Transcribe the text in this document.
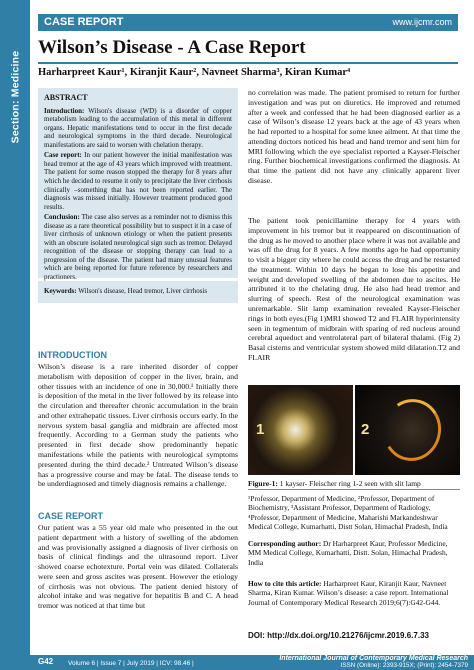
Section: Medicine
CASE REPORT	www.ijcmr.com
Wilson’s Disease - A Case Report
Harharpreet Kaur¹, Kiranjit Kaur², Navneet Sharma³, Kiran Kumar⁴
ABSTRACT

Introduction: Wilson's disease (WD) is a disorder of copper metabolism leading to the accumulation of this metal in different organs. Hepatic manifestations tend to occur in the first decade and neurological symptoms in the third decade. Neurological manifestations are said to worsen with chelation therapy.

Case report: In our patient however the initial manifestation was head tremor at the age of 43 years which improved with treatment. The patient for some reason stopped the therapy for 8 years after which he decided to resume it only to precipitate the liver cirrhosis clinically –something that has not been reported earlier. The diagnosis was missed initially. However treatment produced good results.

Conclusion: The case also serves as a reminder not to dismiss this disease as a rare theoretical possibility but to suspect it in a case of liver cirrhosis of unknown etiology or when the patient presents with an obscure isolated neurological sign such as tremor. Delayed recognition of the disease or stopping therapy can lead to a progression of the disease. The patient had many unusual features which are being reported for future reference by researchers and practioners.

Keywords: Wilson's disease, Head tremor, Liver cirrhosis
INTRODUCTION

Wilson’s disease is a rare inherited disorder of copper metabolism with deposition of copper in the liver, brain, and other tissues with an incidence of one in 30,000.¹ Initially there is deposition of the metal in the liver followed by its release into the circulation and thereafter chronic accumulation in the brain and other extrahepatic tissues. Liver cirrhosis occurs early. In the nervous system basal ganglia and midbrain are affected most frequently. According to a German study the patients who presented in first decade show predominantly hepatic manifestations while the patients with neurological symptoms presented during the third decade.² Untreated Wilson’s disease has a progressive course and may be fatal. The disease tends to be underdiagnosed and timely diagnosis remains a challenge.

CASE REPORT

Our patient was a 55 year old male who presented in the out patient department with a history of swelling of the abdomen and was provisionally assigned a diagnosis of liver cirrhosis on basis of clinical findings and the ultrasound report. Liver showed coarse echotexture. Portal vein was dilated. Collaterals were seen and gross ascites was present. However the etiology of cirrhosis was not obvious. The patient denied history of alcohol intake and was negative for hepatitis B and C. A head tremor was noticed at that time but

no correlation was made. The patient promised to return for further investigation and was put on diuretics. He improved and returned after a week and confessed that he had been diagnosed earlier as a case of Wilson’s disease 12 years back at the age of 43 years when he had reported to a hospital for some knee ailment. At that time the attending doctors noticed his head and hand tremor and sent him for MRI following which the eye specialist reported a Kayser-Fleischer ring. Further biochemical investigations confirmed the diagnosis. At that time the patient did not have any clinically apparent liver disease.

The patient took penicillamine therapy for 4 years with improvement in his tremor but it reappeared on discontinuation of the drug as he moved to another place where it was not available and was off the drug for 8 years. A few months ago he had opportunity to visit a bigger city where he could access the drug and he restarted the treatment. Within 10 days he began to lose his appetite and weight and developed swelling of the abdomen due to ascites. He attributed it to the chelating drug. He also had head tremor and slurring of speech. Rest of the neurological examination was unremarkable. Slit lamp examination revealed Kayser-Fleischer rings in both eyes.(Fig 1)MRI showed T2 and FLAIR hyperintensity seen in tegmentum of midbrain with sparing of red nucleus around cerebral aqueduct and ventrolateral part of bilateral thalami. (Fig 2) Basal cisterns and ventricular system showed mild dilatation.T2 and FLAIR

1	2
Figure-1: 1 kayser- Fleischer ring 1-2 seen with slit lamp

¹Professor, Department of Medicine, ²Professor, Department of Biochemistry, ³Assistant Professor, Department of Radiology, ⁴Professor, Department of Medicine, Maharishi Markandeshwar Medical College, Kumarhatti, Distt Solan, Himachal Pradesh, India

Corresponding author: Dr Harharpreet Kaur, Professor Medicine, MM Medical College, Kumarhatti, Distt. Solan, Himachal Pradesh, India

How to cite this article: Harharpreet Kaur, Kiranjit Kaur, Navneet Sharma, Kiran Kumar. Wilson’s disease: a case report. International Journal of Contemporary Medical Research 2019;6(7):G42-G44.

DOI: http://dx.doi.org/10.21276/ijcmr.2019.6.7.33
G42 Volume 6 | Issue 7 | July 2019 | ICV: 98.46 |
International Journal of Contemporary Medical Research
ISSN (Online): 2393-915X; (Print): 2454-7379
